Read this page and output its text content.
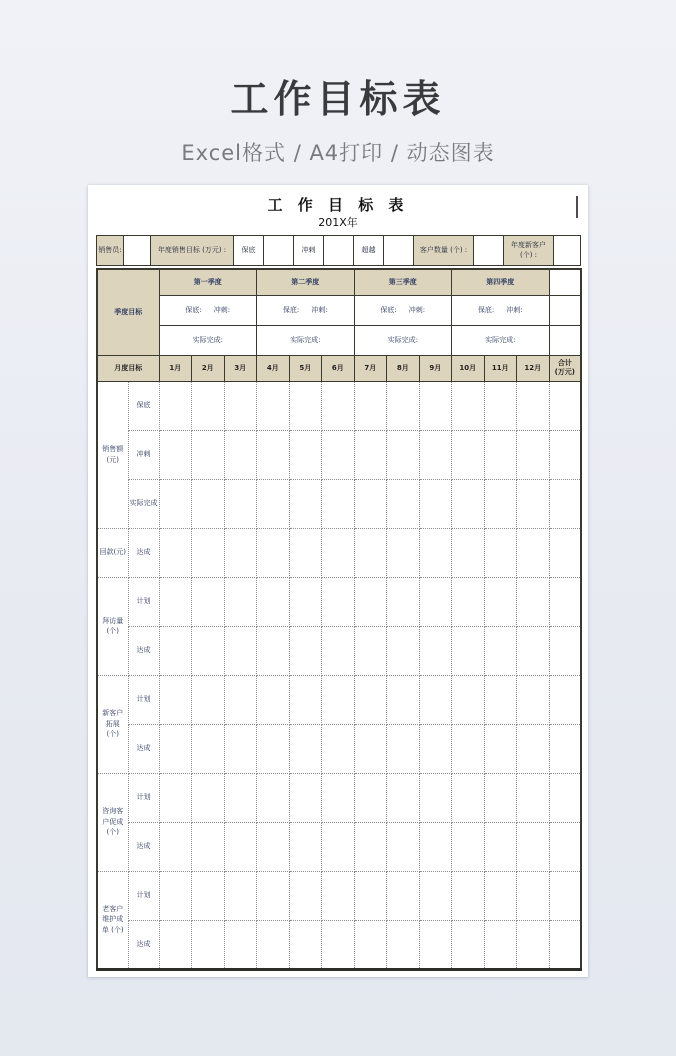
工作目标表
Excel格式 / A4打印 / 动态图表
工 作 目 标 表
201X年
销售员:		年度销售目标 (万元) :	保底		冲刺		超越		客户数量 (个) :		年度新客户 (个) :	
季度目标		第一季度			第二季度			第三季度			第四季度			
		保底: 冲刺:			保底: 冲刺:			保底: 冲刺:			保底: 冲刺:			
		实际完成:			实际完成:			实际完成:			实际完成:			
月度目标		1月	2月	3月	4月	5月	6月	7月	8月	9月	10月	11月	12月	合计
(万元)

销售额(元)	保底													
	冲刺													
	实际完成													
回款(元)	达成													
拜访量(个)	计划													
	达成													
新客户拓展 (个)	计划													
	达成													
咨询客户促成 (个)	计划													
	达成													
老客户维护成单 (个)	计划													
	达成													
